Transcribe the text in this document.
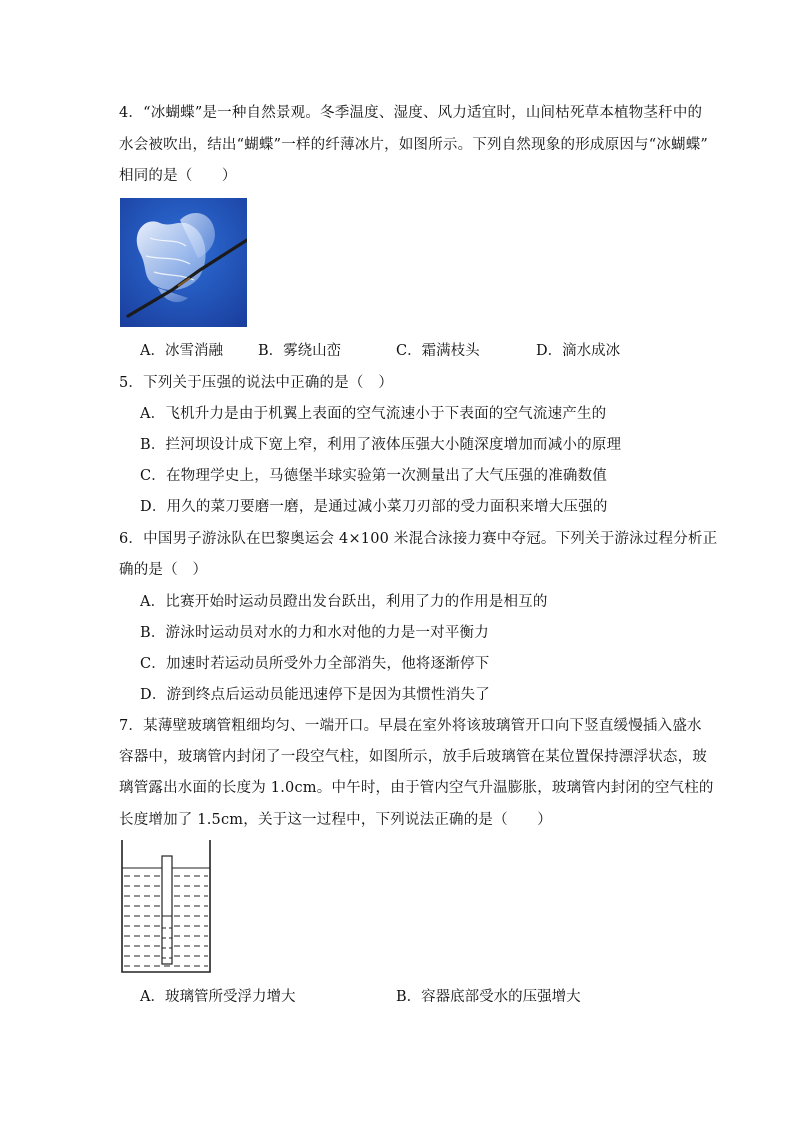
4．“冰蝴蝶”是一种自然景观。冬季温度、湿度、风力适宜时，山间枯死草本植物茎秆中的
水会被吹出，结出“蝴蝶”一样的纤薄冰片，如图所示。下列自然现象的形成原因与“冰蝴蝶”
相同的是（　　）
A．冰雪消融 B．雾绕山峦	C．霜满枝头	D．滴水成冰
5．下列关于压强的说法中正确的是（　）
A．飞机升力是由于机翼上表面的空气流速小于下表面的空气流速产生的
B．拦河坝设计成下宽上窄，利用了液体压强大小随深度增加而减小的原理
C．在物理学史上，马德堡半球实验第一次测量出了大气压强的准确数值
D．用久的菜刀要磨一磨，是通过减小菜刀刃部的受力面积来增大压强的
6．中国男子游泳队在巴黎奥运会 4×100 米混合泳接力赛中夺冠。下列关于游泳过程分析正
确的是（　）
A．比赛开始时运动员蹬出发台跃出，利用了力的作用是相互的
B．游泳时运动员对水的力和水对他的力是一对平衡力
C．加速时若运动员所受外力全部消失，他将逐渐停下
D．游到终点后运动员能迅速停下是因为其惯性消失了
7．某薄壁玻璃管粗细均匀、一端开口。早晨在室外将该玻璃管开口向下竖直缓慢插入盛水
容器中，玻璃管内封闭了一段空气柱，如图所示，放手后玻璃管在某位置保持漂浮状态，玻
璃管露出水面的长度为 1.0cm。中午时，由于管内空气升温膨胀，玻璃管内封闭的空气柱的
长度增加了 1.5cm，关于这一过程中，下列说法正确的是（　　）
A．玻璃管所受浮力增大	B．容器底部受水的压强增大
